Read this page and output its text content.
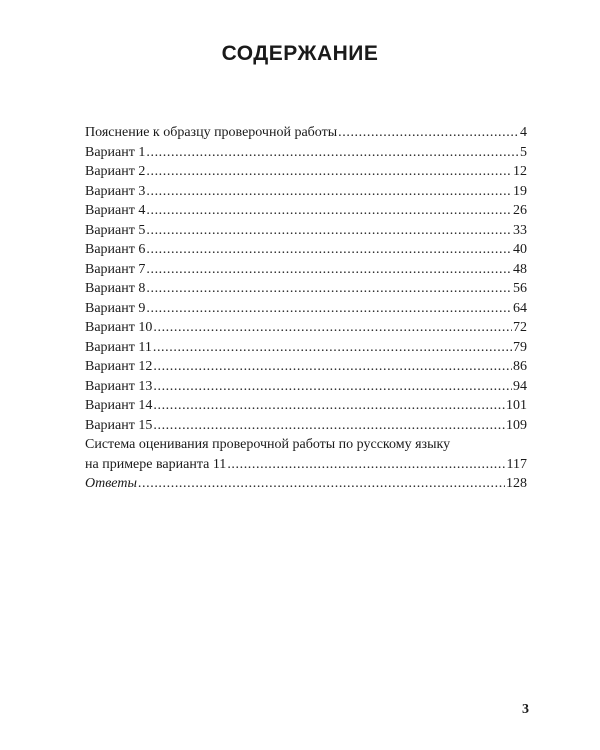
СОДЕРЖАНИЕ
Пояснение к образцу проверочной работы .....	4
Вариант 1 .....	5
Вариант 2 .....	12
Вариант 3 .....	19
Вариант 4 .....	26
Вариант 5 .....	33
Вариант 6 .....	40
Вариант 7 .....	48
Вариант 8 .....	56
Вариант 9 .....	64
Вариант 10 .....	72
Вариант 11 .....	79
Вариант 12 .....	86
Вариант 13 .....	94
Вариант 14 .....	101
Вариант 15 .....	109
Система оценивания проверочной работы по русскому языку
на примере варианта 11 .....	117
Ответы .....	128
3
